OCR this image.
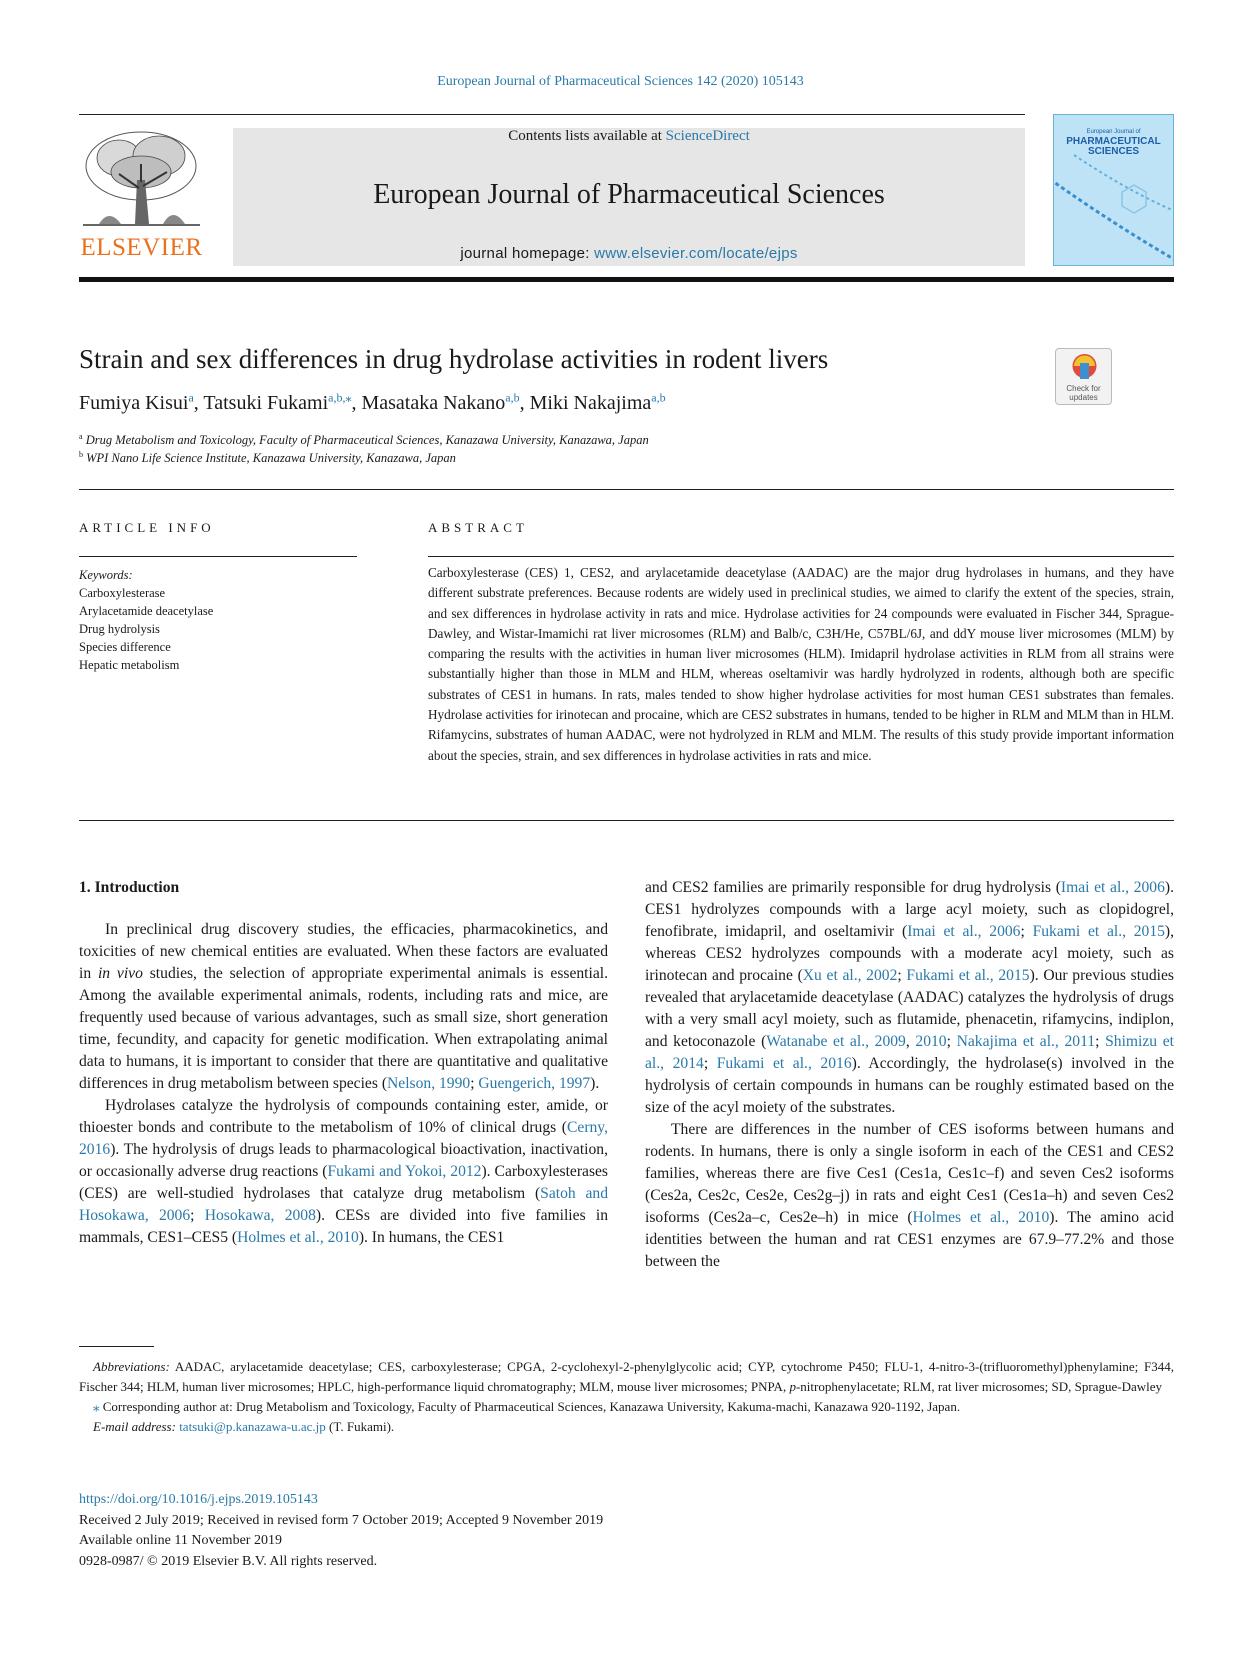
European Journal of Pharmaceutical Sciences 142 (2020) 105143
ELSEVIER
Contents lists available at ScienceDirect
European Journal of Pharmaceutical Sciences
journal homepage: www.elsevier.com/locate/ejps
European Journal of
PHARMACEUTICAL
SCIENCES
Strain and sex differences in drug hydrolase activities in rodent livers
Check for updates
Fumiya Kisui$^a$, Tatsuki Fukami$^{a,b,⁎}$, Masataka Nakano$^{a,b}$, Miki Nakajima$^{a,b}$
$^a$ Drug Metabolism and Toxicology, Faculty of Pharmaceutical Sciences, Kanazawa University, Kanazawa, Japan
$^b$ WPI Nano Life Science Institute, Kanazawa University, Kanazawa, Japan
ARTICLE INFO
Keywords:
Carboxylesterase
Arylacetamide deacetylase
Drug hydrolysis
Species difference
Hepatic metabolism
ABSTRACT
Carboxylesterase (CES) 1, CES2, and arylacetamide deacetylase (AADAC) are the major drug hydrolases in humans, and they have different substrate preferences. Because rodents are widely used in preclinical studies, we aimed to clarify the extent of the species, strain, and sex differences in hydrolase activity in rats and mice. Hydrolase activities for 24 compounds were evaluated in Fischer 344, Sprague-Dawley, and Wistar-Imamichi rat liver microsomes (RLM) and Balb/c, C3H/He, C57BL/6J, and ddY mouse liver microsomes (MLM) by comparing the results with the activities in human liver microsomes (HLM). Imidapril hydrolase activities in RLM from all strains were substantially higher than those in MLM and HLM, whereas oseltamivir was hardly hydrolyzed in rodents, although both are specific substrates of CES1 in humans. In rats, males tended to show higher hydrolase activities for most human CES1 substrates than females. Hydrolase activities for irinotecan and procaine, which are CES2 substrates in humans, tended to be higher in RLM and MLM than in HLM. Rifamycins, substrates of human AADAC, were not hydrolyzed in RLM and MLM. The results of this study provide important information about the species, strain, and sex differences in hydrolase activities in rats and mice.
1. Introduction

In preclinical drug discovery studies, the efficacies, pharmacokinetics, and toxicities of new chemical entities are evaluated. When these factors are evaluated in in vivo studies, the selection of appropriate experimental animals is essential. Among the available experimental animals, rodents, including rats and mice, are frequently used because of various advantages, such as small size, short generation time, fecundity, and capacity for genetic modification. When extrapolating animal data to humans, it is important to consider that there are quantitative and qualitative differences in drug metabolism between species (Nelson, 1990; Guengerich, 1997).

Hydrolases catalyze the hydrolysis of compounds containing ester, amide, or thioester bonds and contribute to the metabolism of 10% of clinical drugs (Cerny, 2016). The hydrolysis of drugs leads to pharmacological bioactivation, inactivation, or occasionally adverse drug reactions (Fukami and Yokoi, 2012). Carboxylesterases (CES) are well-studied hydrolases that catalyze drug metabolism (Satoh and Hosokawa, 2006; Hosokawa, 2008). CESs are divided into five families in mammals, CES1–CES5 (Holmes et al., 2010). In humans, the CES1

and CES2 families are primarily responsible for drug hydrolysis (Imai et al., 2006). CES1 hydrolyzes compounds with a large acyl moiety, such as clopidogrel, fenofibrate, imidapril, and oseltamivir (Imai et al., 2006; Fukami et al., 2015), whereas CES2 hydrolyzes compounds with a moderate acyl moiety, such as irinotecan and procaine (Xu et al., 2002; Fukami et al., 2015). Our previous studies revealed that arylacetamide deacetylase (AADAC) catalyzes the hydrolysis of drugs with a very small acyl moiety, such as flutamide, phenacetin, rifamycins, indiplon, and ketoconazole (Watanabe et al., 2009, 2010; Nakajima et al., 2011; Shimizu et al., 2014; Fukami et al., 2016). Accordingly, the hydrolase(s) involved in the hydrolysis of certain compounds in humans can be roughly estimated based on the size of the acyl moiety of the substrates.

There are differences in the number of CES isoforms between humans and rodents. In humans, there is only a single isoform in each of the CES1 and CES2 families, whereas there are five Ces1 (Ces1a, Ces1c–f) and seven Ces2 isoforms (Ces2a, Ces2c, Ces2e, Ces2g–j) in rats and eight Ces1 (Ces1a–h) and seven Ces2 isoforms (Ces2a–c, Ces2e–h) in mice (Holmes et al., 2010). The amino acid identities between the human and rat CES1 enzymes are 67.9–77.2% and those between the

Abbreviations: AADAC, arylacetamide deacetylase; CES, carboxylesterase; CPGA, 2-cyclohexyl-2-phenylglycolic acid; CYP, cytochrome P450; FLU-1, 4-nitro-3-(trifluoromethyl)phenylamine; F344, Fischer 344; HLM, human liver microsomes; HPLC, high-performance liquid chromatography; MLM, mouse liver microsomes; PNPA, p-nitrophenylacetate; RLM, rat liver microsomes; SD, Sprague-Dawley

⁎ Corresponding author at: Drug Metabolism and Toxicology, Faculty of Pharmaceutical Sciences, Kanazawa University, Kakuma-machi, Kanazawa 920-1192, Japan.

E-mail address: tatsuki@p.kanazawa-u.ac.jp (T. Fukami).

https://doi.org/10.1016/j.ejps.2019.105143
Received 2 July 2019; Received in revised form 7 October 2019; Accepted 9 November 2019
Available online 11 November 2019
0928-0987/ © 2019 Elsevier B.V. All rights reserved.
